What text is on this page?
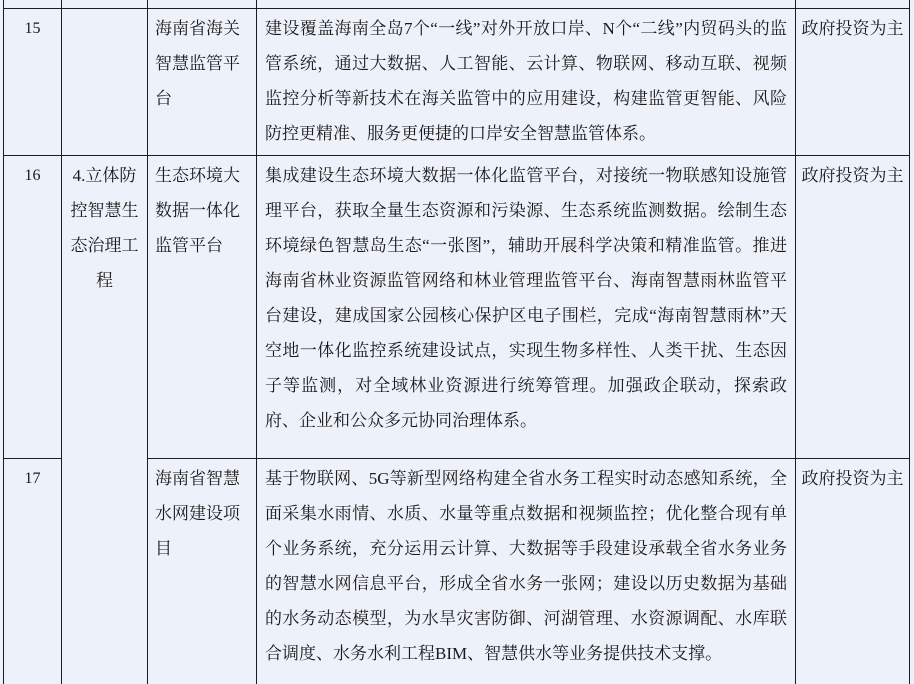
15		海南省海关智慧监管平台	建设覆盖海南全岛7个“一线”对外开放口岸、N个“二线”内贸码头的监管系统，通过大数据、人工智能、云计算、物联网、移动互联、视频监控分析等新技术在海关监管中的应用建设，构建监管更智能、风险防控更精准、服务更便捷的口岸安全智慧监管体系。	政府投资为主
16	4.立体防控智慧生态治理工程	生态环境大数据一体化监管平台	集成建设生态环境大数据一体化监管平台，对接统一物联感知设施管理平台，获取全量生态资源和污染源、生态系统监测数据。绘制生态环境绿色智慧岛生态“一张图”，辅助开展科学决策和精准监管。推进海南省林业资源监管网络和林业管理监管平台、海南智慧雨林监管平台建设，建成国家公园核心保护区电子围栏，完成“海南智慧雨林”天空地一体化监控系统建设试点，实现生物多样性、人类干扰、生态因子等监测，对全域林业资源进行统筹管理。加强政企联动，探索政府、企业和公众多元协同治理体系。	政府投资为主
17		海南省智慧水网建设项目	基于物联网、5G等新型网络构建全省水务工程实时动态感知系统，全面采集水雨情、水质、水量等重点数据和视频监控；优化整合现有单个业务系统，充分运用云计算、大数据等手段建设承载全省水务业务的智慧水网信息平台，形成全省水务一张网；建设以历史数据为基础的水务动态模型，为水旱灾害防御、河湖管理、水资源调配、水库联合调度、水务水利工程BIM、智慧供水等业务提供技术支撑。	政府投资为主
